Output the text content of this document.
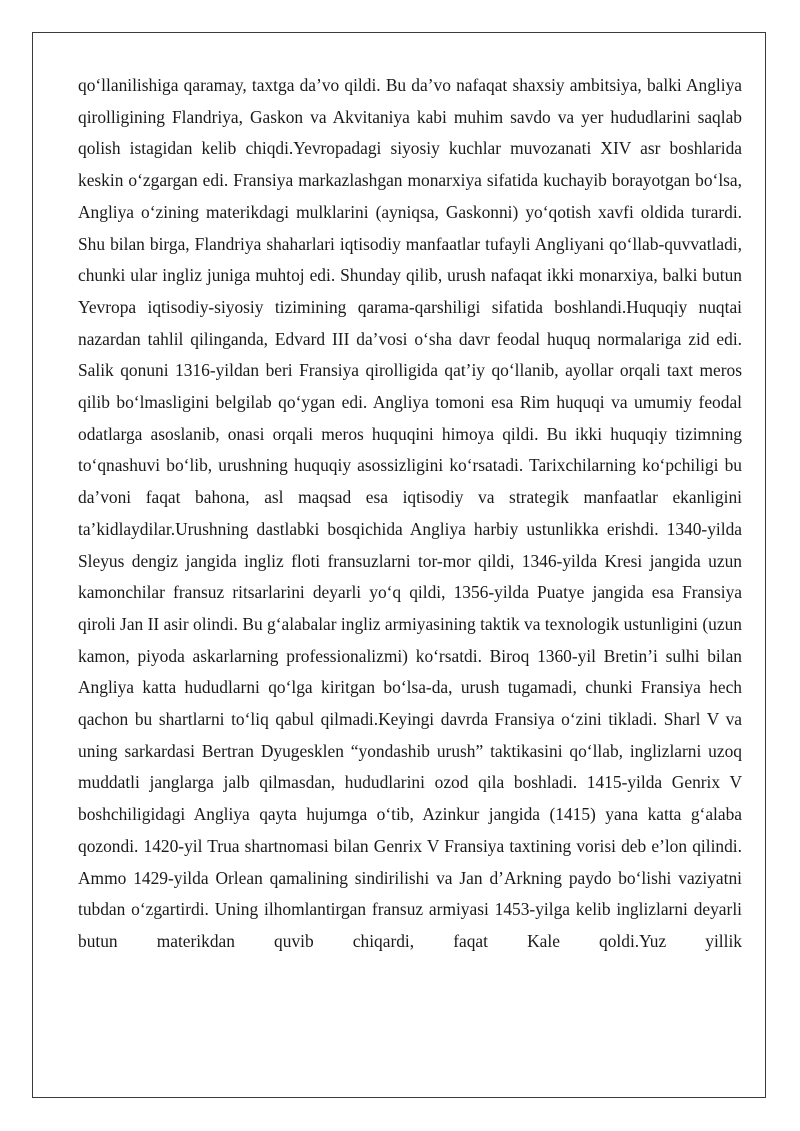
qo‘llanilishiga qaramay, taxtga da’vo qildi. Bu da’vo nafaqat shaxsiy ambitsiya, balki Angliya qirolligining Flandriya, Gaskon va Akvitaniya kabi muhim savdo va yer hududlarini saqlab qolish istagidan kelib chiqdi.Yevropadagi siyosiy kuchlar muvozanati XIV asr boshlarida keskin o‘zgargan edi. Fransiya markazlashgan monarxiya sifatida kuchayib borayotgan bo‘lsa, Angliya o‘zining materikdagi mulklarini (ayniqsa, Gaskonni) yo‘qotish xavfi oldida turardi. Shu bilan birga, Flandriya shaharlari iqtisodiy manfaatlar tufayli Angliyani qo‘llab-quvvatladi, chunki ular ingliz juniga muhtoj edi. Shunday qilib, urush nafaqat ikki monarxiya, balki butun Yevropa iqtisodiy-siyosiy tizimining qarama-qarshiligi sifatida boshlandi.Huquqiy nuqtai nazardan tahlil qilinganda, Edvard III da’vosi o‘sha davr feodal huquq normalariga zid edi. Salik qonuni 1316-yildan beri Fransiya qirolligida qat’iy qo‘llanib, ayollar orqali taxt meros qilib bo‘lmasligini belgilab qo‘ygan edi. Angliya tomoni esa Rim huquqi va umumiy feodal odatlarga asoslanib, onasi orqali meros huquqini himoya qildi. Bu ikki huquqiy tizimning to‘qnashuvi bo‘lib, urushning huquqiy asossizligini ko‘rsatadi. Tarixchilarning ko‘pchiligi bu da’voni faqat bahona, asl maqsad esa iqtisodiy va strategik manfaatlar ekanligini ta’kidlaydilar.Urushning dastlabki bosqichida Angliya harbiy ustunlikka erishdi. 1340-yilda Sleyus dengiz jangida ingliz floti fransuzlarni tor-mor qildi, 1346-yilda Kresi jangida uzun kamonchilar fransuz ritsarlarini deyarli yo‘q qildi, 1356-yilda Puatye jangida esa Fransiya qiroli Jan II asir olindi. Bu g‘alabalar ingliz armiyasining taktik va texnologik ustunligini (uzun kamon, piyoda askarlarning professionalizmi) ko‘rsatdi. Biroq 1360-yil Bretin’i sulhi bilan Angliya katta hududlarni qo‘lga kiritgan bo‘lsa-da, urush tugamadi, chunki Fransiya hech qachon bu shartlarni to‘liq qabul qilmadi.Keyingi davrda Fransiya o‘zini tikladi. Sharl V va uning sarkardasi Bertran Dyugesklen “yondashib urush” taktikasini qo‘llab, inglizlarni uzoq muddatli janglarga jalb qilmasdan, hududlarini ozod qila boshladi. 1415-yilda Genrix V boshchiligidagi Angliya qayta hujumga o‘tib, Azinkur jangida (1415) yana katta g‘alaba qozondi. 1420-yil Trua shartnomasi bilan Genrix V Fransiya taxtining vorisi deb e’lon qilindi. Ammo 1429-yilda Orlean qamalining sindirilishi va Jan d’Arkning paydo bo‘lishi vaziyatni tubdan o‘zgartirdi. Uning ilhomlantirgan fransuz armiyasi 1453-yilga kelib inglizlarni deyarli butun materikdan quvib chiqardi, faqat Kale qoldi.Yuz yillik
